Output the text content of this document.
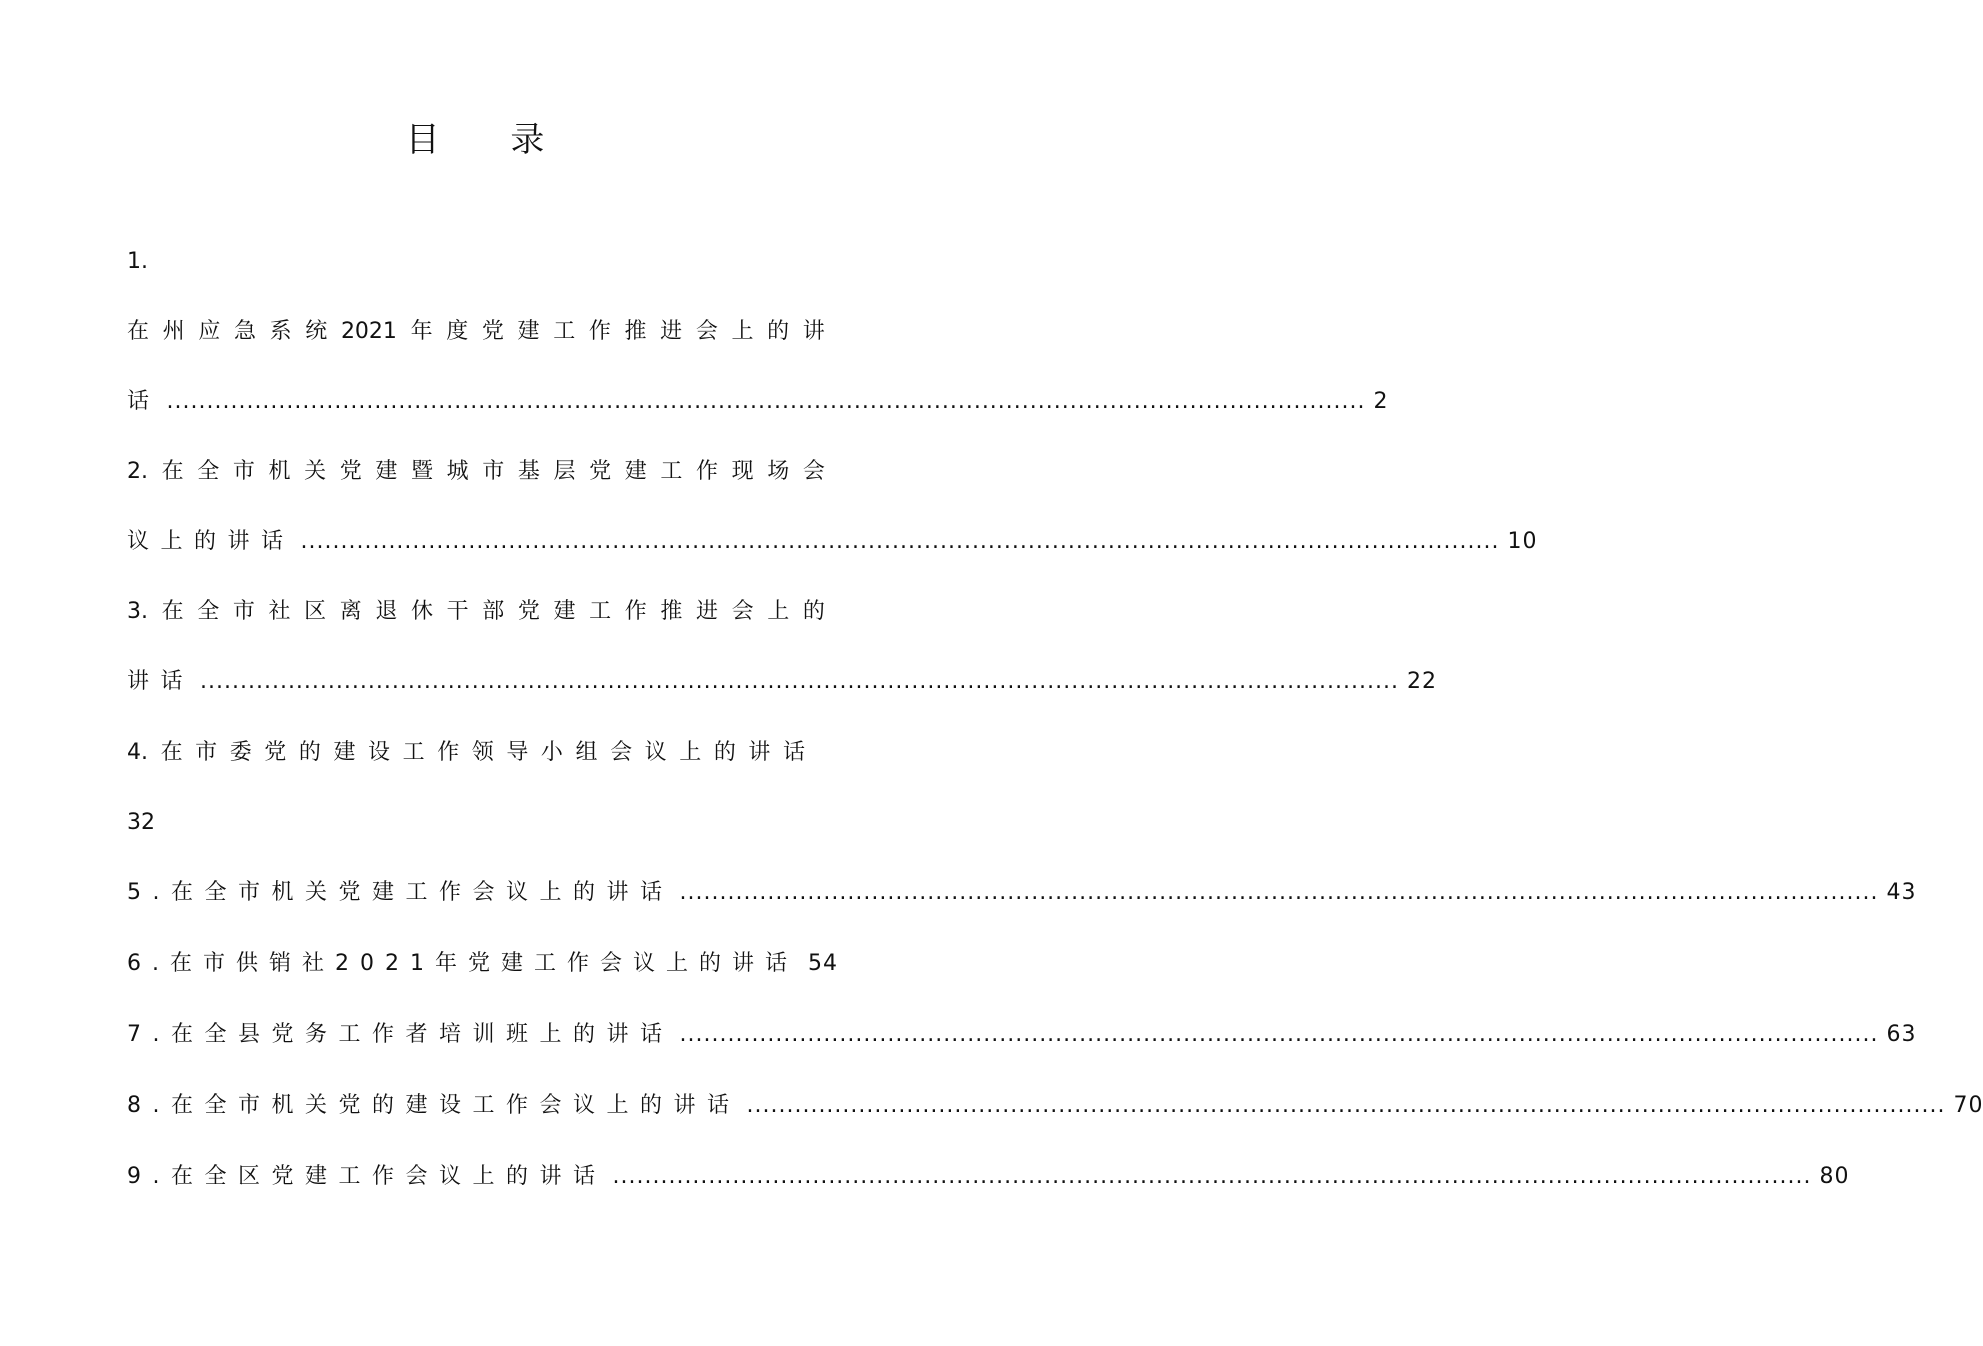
目 录
1.
在 州 应 急 系 统 2021 年 度 党 建 工 作 推 进 会 上 的 讲
话 ...................................................................................................................................................... 2
2. 在 全 市 机 关 党 建 暨 城 市 基 层 党 建 工 作 现 场 会
议上的讲话 ...................................................................................................................................................... 10
3. 在 全 市 社 区 离 退 休 干 部 党 建 工 作 推 进 会 上 的
讲话 ...................................................................................................................................................... 22
4. 在 市 委 党 的 建 设 工 作 领 导 小 组 会 议 上 的 讲 话
32
5.在全市机关党建工作会议上的讲话 ...................................................................................................................................................... 43
6.在市供销社2021年党建工作会议上的讲话 54
7.在全县党务工作者培训班上的讲话 ...................................................................................................................................................... 63
8.在全市机关党的建设工作会议上的讲话 ...................................................................................................................................................... 70
9.在全区党建工作会议上的讲话 ...................................................................................................................................................... 80
